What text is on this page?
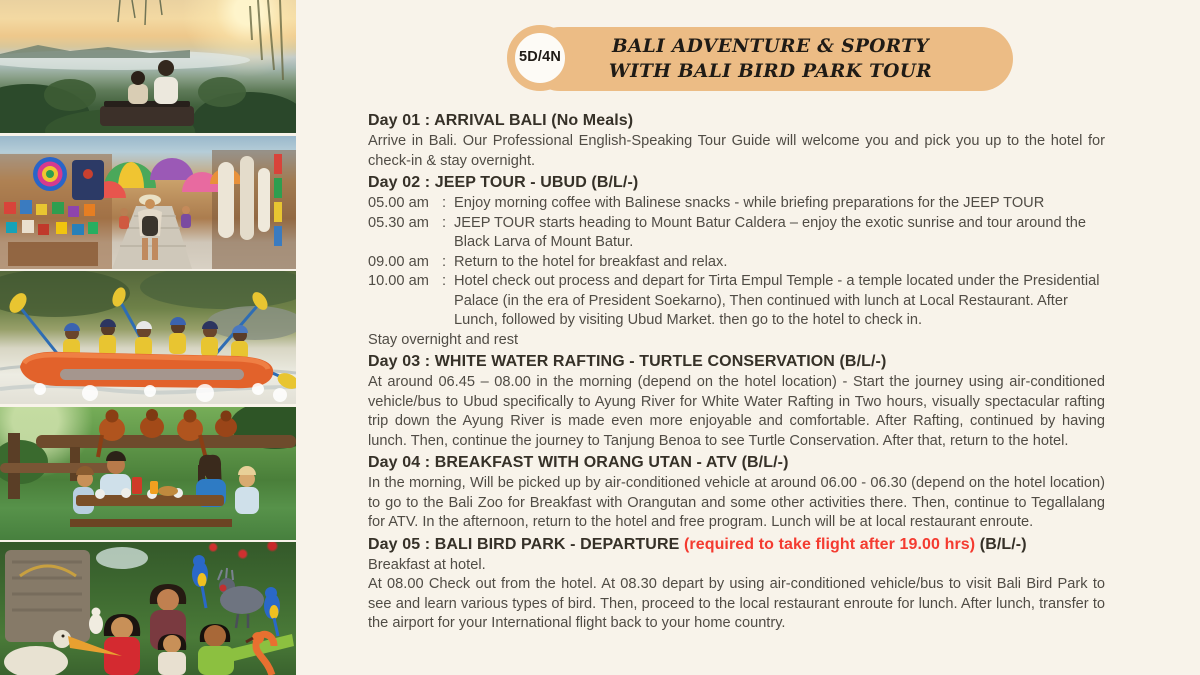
5D/4N
BALI ADVENTURE & SPORTY
WITH BALI BIRD PARK TOUR
Day 01 : ARRIVAL BALI (No Meals)

Arrive in Bali. Our Professional English-Speaking Tour Guide will welcome you and pick you up to the hotel for check-in & stay overnight.

Day 02 : JEEP TOUR - UBUD (B/L/-)
05.00 am : Enjoy morning coffee with Balinese snacks - while briefing preparations for the JEEP TOUR
05.30 am : JEEP TOUR starts heading to Mount Batur Caldera – enjoy the exotic sunrise and tour around the Black Larva of Mount Batur.
09.00 am : Return to the hotel for breakfast and relax.
10.00 am : Hotel check out process and depart for Tirta Empul Temple - a temple located under the Presidential Palace (in the era of President Soekarno), Then continued with lunch at Local Restaurant. After Lunch, followed by visiting Ubud Market. then go to the hotel to check in.

Stay overnight and rest

Day 03 : WHITE WATER RAFTING - TURTLE CONSERVATION (B/L/-)

At around 06.45 – 08.00 in the morning (depend on the hotel location) - Start the journey using air-conditioned vehicle/bus to Ubud specifically to Ayung River for White Water Rafting in Two hours, visually spectacular rafting trip down the Ayung River is made even more enjoyable and comfortable. After Rafting, continued by having lunch. Then, continue the journey to Tanjung Benoa to see Turtle Conservation. After that, return to the hotel.

Day 04 : BREAKFAST WITH ORANG UTAN - ATV (B/L/-)

In the morning, Will be picked up by air-conditioned vehicle at around 06.00 - 06.30 (depend on the hotel location) to go to the Bali Zoo for Breakfast with Orangutan and some other activities there. Then, continue to Tegallalang for ATV. In the afternoon, return to the hotel and free program. Lunch will be at local restaurant enroute.

Day 05 : BALI BIRD PARK - DEPARTURE (required to take flight after 19.00 hrs) (B/L/-)

Breakfast at hotel.

At 08.00 Check out from the hotel. At 08.30 depart by using air-conditioned vehicle/bus to visit Bali Bird Park to see and learn various types of bird. Then, proceed to the local restaurant enroute for lunch. After lunch, transfer to the airport for your International flight back to your home country.
